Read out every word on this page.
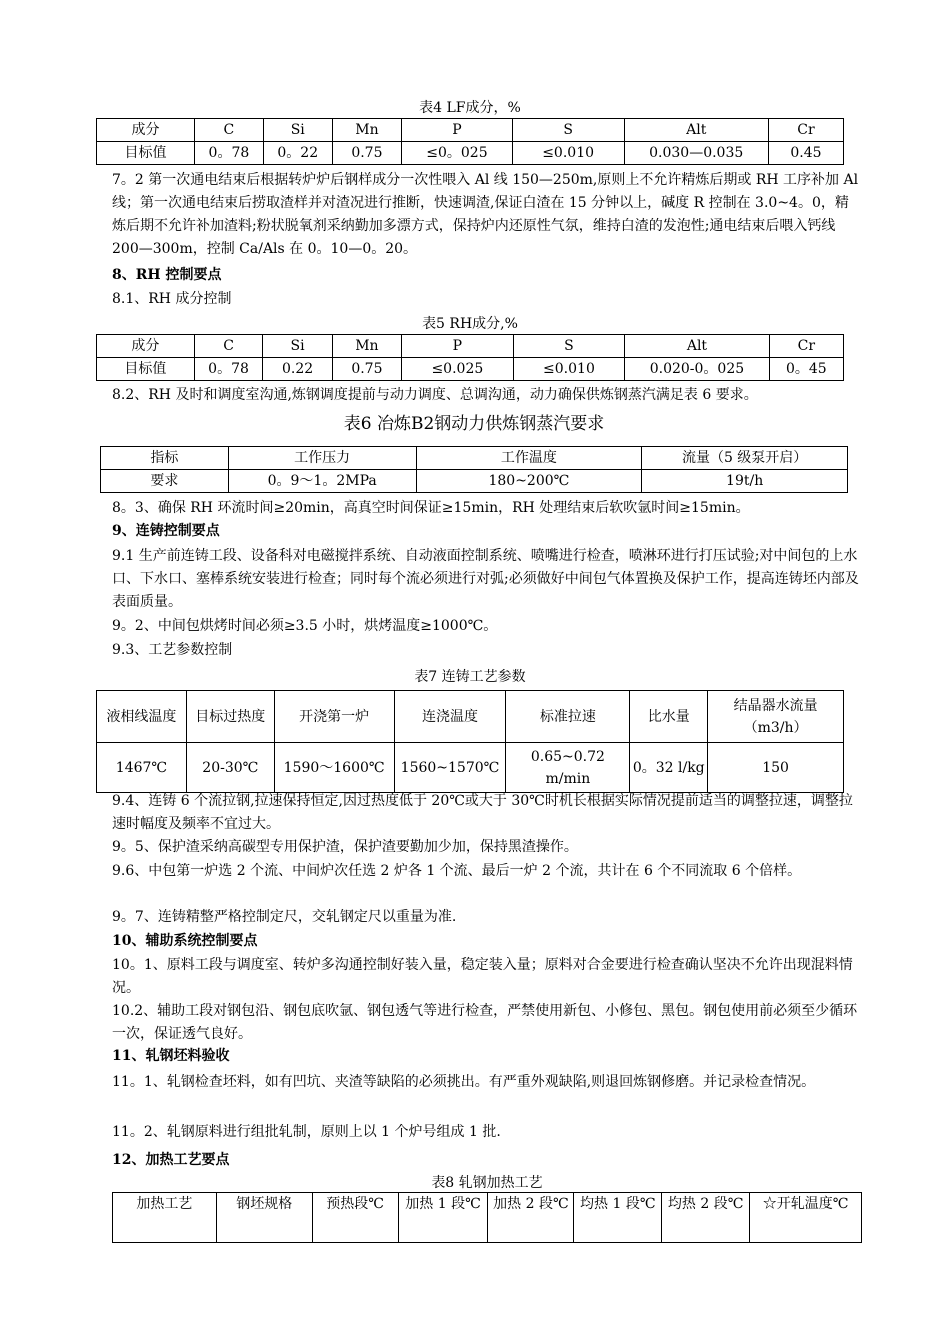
表4 LF成分，%
成分	C	Si	Mn	P	S	Alt	Cr
目标值	0。78	0。22	0.75	≤0。025	≤0.010	0.030—0.035	0.45
7。2 第一次通电结束后根据转炉炉后钢样成分一次性喂入 Al 线 150—250m,原则上不允许精炼后期或 RH 工序补加 Al 线；第一次通电结束后捞取渣样并对渣况进行推断，快速调渣,保证白渣在 15 分钟以上，碱度 R 控制在 3.0~4。0，精炼后期不允许补加渣料;粉状脱氧剂采纳勤加多漂方式，保持炉内还原性气氛，维持白渣的发泡性;通电结束后喂入钙线 200—300m，控制 Ca/Als 在 0。10—0。20。
8、RH 控制要点
8.1、RH 成分控制
表5 RH成分,%
成分	C	Si	Mn	P	S	Alt	Cr
目标值	0。78	0.22	0.75	≤0.025	≤0.010	0.020-0。025	0。45
8.2、RH 及时和调度室沟通,炼钢调度提前与动力调度、总调沟通，动力确保供炼钢蒸汽满足表 6 要求。
表6 冶炼B2钢动力供炼钢蒸汽要求
指标	工作压力	工作温度	流量（5 级泵开启）
要求	0。9～1。2MPa	180~200℃	19t/h
8。3、确保 RH 环流时间≥20min，高真空时间保证≥15min，RH 处理结束后软吹氩时间≥15min。
9、连铸控制要点
9.1 生产前连铸工段、设备科对电磁搅拌系统、自动液面控制系统、喷嘴进行检查，喷淋环进行打压试验;对中间包的上水口、下水口、塞棒系统安装进行检查；同时每个流必须进行对弧;必须做好中间包气体置换及保护工作，提高连铸坯内部及表面质量。
9。2、中间包烘烤时间必须≥3.5 小时，烘烤温度≥1000℃。
9.3、工艺参数控制
表7 连铸工艺参数
液相线温度	目标过热度	开浇第一炉	连浇温度	标准拉速	比水量	结晶器水流量（m3/h）
1467℃	20-30℃	1590～1600℃	1560~1570℃	0.65~0.72 m/min	0。32 l/kg	150
9.4、连铸 6 个流拉钢,拉速保持恒定,因过热度低于 20℃或大于 30℃时机长根据实际情况提前适当的调整拉速，调整拉速时幅度及频率不宜过大。
9。5、保护渣采纳高碳型专用保护渣，保护渣要勤加少加，保持黑渣操作。
9.6、中包第一炉选 2 个流、中间炉次任选 2 炉各 1 个流、最后一炉 2 个流，共计在 6 个不同流取 6 个倍样。
9。7、连铸精整严格控制定尺，交轧钢定尺以重量为准.
10、辅助系统控制要点
10。1、原料工段与调度室、转炉多沟通控制好装入量，稳定装入量；原料对合金要进行检查确认坚决不允许出现混料情况。
10.2、辅助工段对钢包沿、钢包底吹氩、钢包透气等进行检查，严禁使用新包、小修包、黑包。钢包使用前必须至少循环一次，保证透气良好。
11、轧钢坯料验收
11。1、轧钢检查坯料，如有凹坑、夹渣等缺陷的必须挑出。有严重外观缺陷,则退回炼钢修磨。并记录检查情况。
11。2、轧钢原料进行组批轧制，原则上以 1 个炉号组成 1 批.
12、加热工艺要点
表8 轧钢加热工艺
加热工艺	钢坯规格	预热段℃	加热 1 段℃	加热 2 段℃	均热 1 段℃	均热 2 段℃	☆开轧温度℃
